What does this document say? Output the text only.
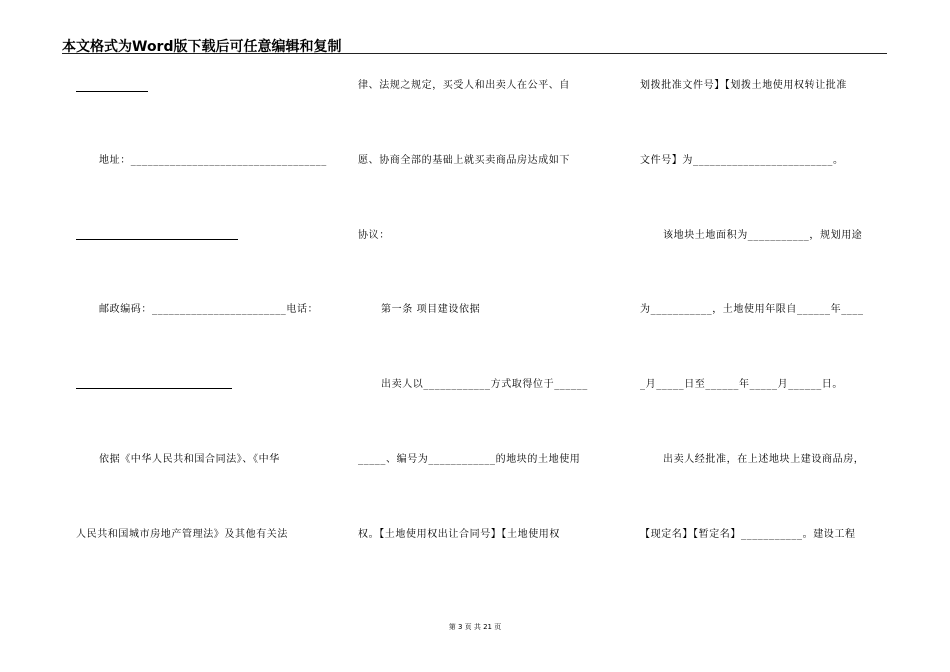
本文格式为Word版下载后可任意编辑和复制
地址：___________________________________
邮政编码：________________________电话：
依据《中华人民共和国合同法》、《中华
人民共和国城市房地产管理法》及其他有关法
律、法规之规定，买受人和出卖人在公平、自
愿、协商全部的基础上就买卖商品房达成如下
协议：
第一条 项目建设依据
出卖人以____________方式取得位于______
_____、编号为____________的地块的土地使用
权。【土地使用权出让合同号】【土地使用权
划拨批准文件号】【划拨土地使用权转让批准
文件号】为_________________________。
该地块土地面积为___________，规划用途
为___________，土地使用年限自______年____
_月_____日至______年_____月______日。
出卖人经批准，在上述地块上建设商品房，
【现定名】【暂定名】___________。建设工程
第 3 页 共 21 页
